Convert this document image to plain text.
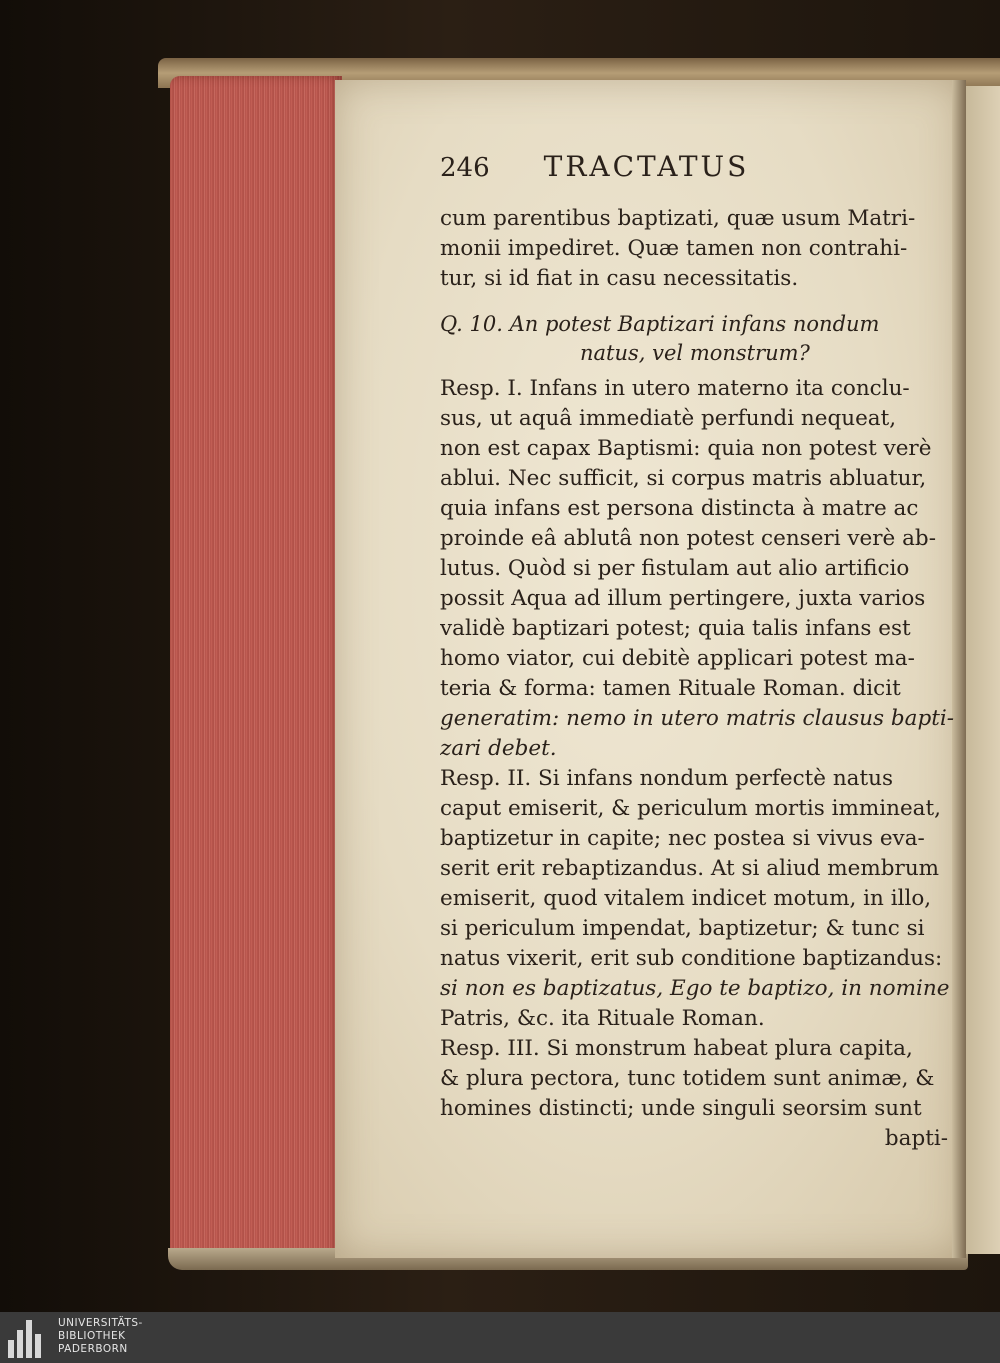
246 TRACTATUS
cum parentibus baptizati, quæ usum Matri-
monii impediret. Quæ tamen non contrahi-
tur, si id fiat in casu necessitatis.
Q. 10. An potest Baptizari infans nondum
natus, vel monstrum?
Resp. I. Infans in utero materno ita conclu-
sus, ut aquâ immediatè perfundi nequeat,
non est capax Baptismi: quia non potest verè
ablui. Nec sufficit, si corpus matris abluatur,
quia infans est persona distincta à matre ac
proinde eâ ablutâ non potest censeri verè ab-
lutus. Quòd si per fistulam aut alio artificio
possit Aqua ad illum pertingere, juxta varios
validè baptizari potest; quia talis infans est
homo viator, cui debitè applicari potest ma-
teria & forma: tamen Rituale Roman. dicit
generatim: nemo in utero matris clausus bapti-
zari debet.
Resp. II. Si infans nondum perfectè natus
caput emiserit, & periculum mortis immineat,
baptizetur in capite; nec postea si vivus eva-
serit erit rebaptizandus. At si aliud membrum
emiserit, quod vitalem indicet motum, in illo,
si periculum impendat, baptizetur; & tunc si
natus vixerit, erit sub conditione baptizandus:
si non es baptizatus, Ego te baptizo, in nomine
Patris, &c. ita Rituale Roman.
Resp. III. Si monstrum habeat plura capita,
& plura pectora, tunc totidem sunt animæ, &
homines distincti; unde singuli seorsim sunt
bapti-
UNIVERSITÄTS-
BIBLIOTHEK
PADERBORN
